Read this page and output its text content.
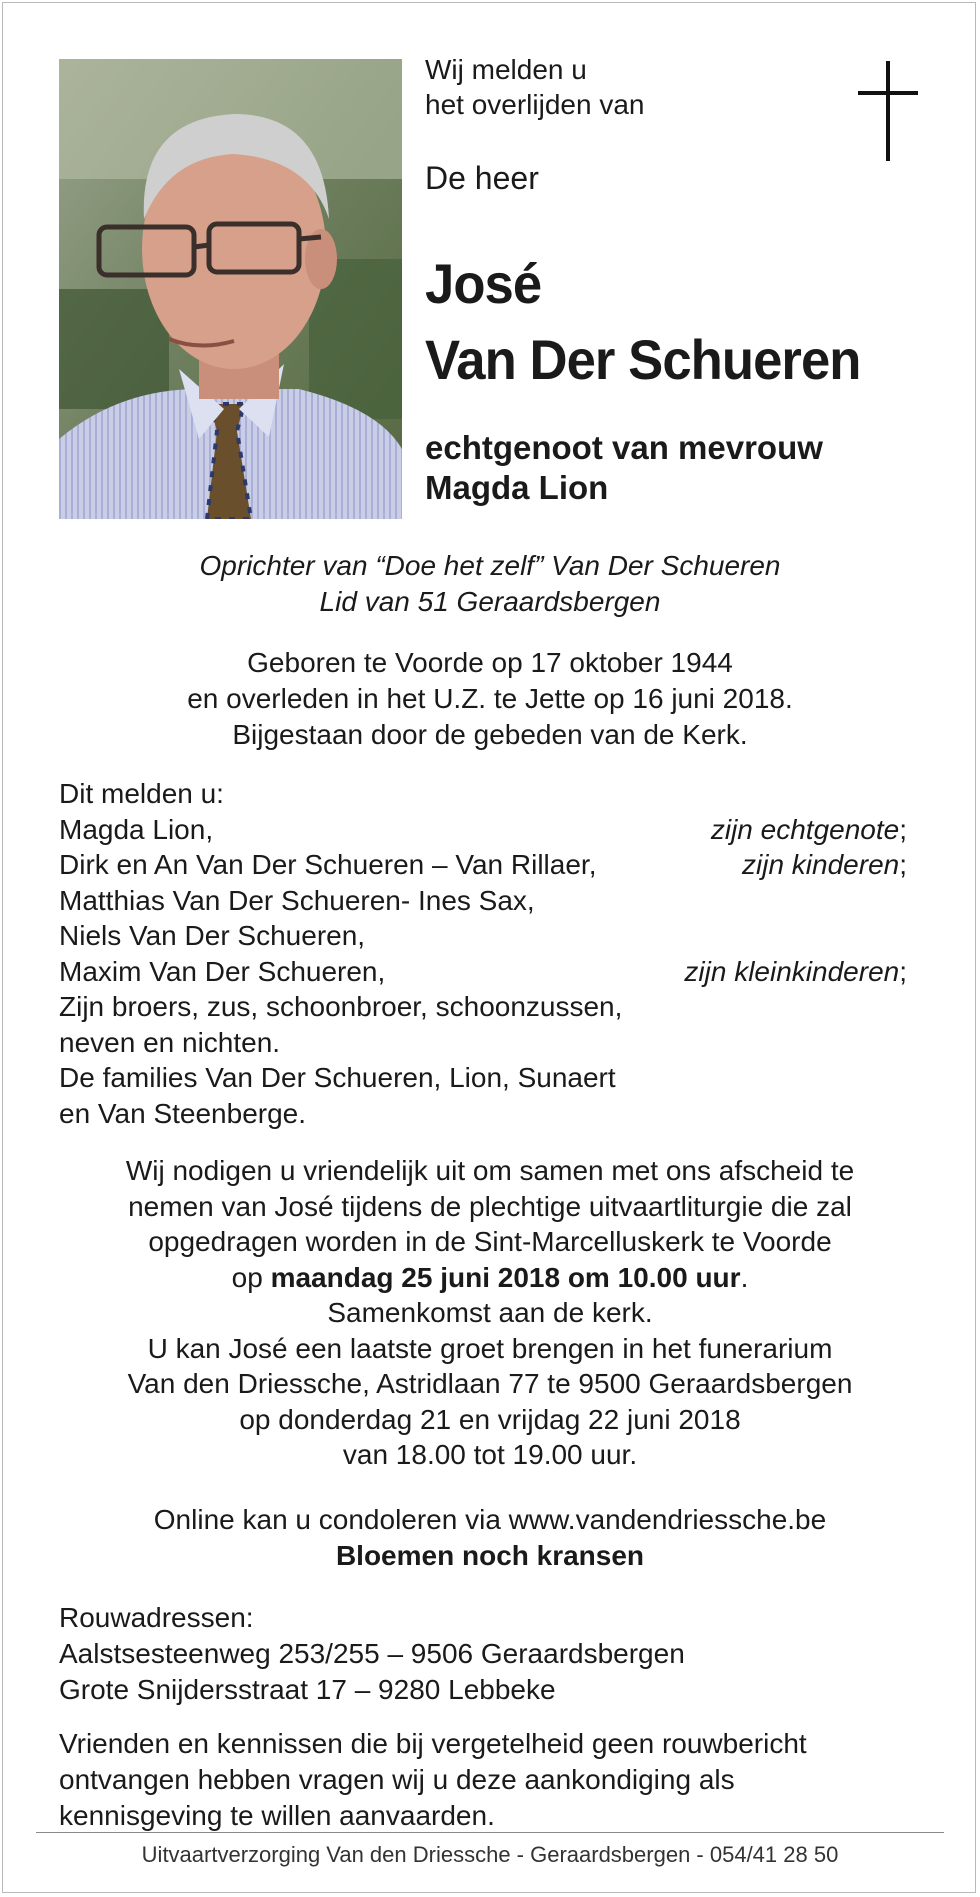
Wij melden u
het overlijden van
De heer
José
Van Der Schueren
echtgenoot van mevrouw
Magda Lion
Oprichter van “Doe het zelf” Van Der Schueren
Lid van 51 Geraardsbergen
Geboren te Voorde op 17 oktober 1944
en overleden in het U.Z. te Jette op 16 juni 2018.
Bijgestaan door de gebeden van de Kerk.
Dit melden u:
Magda Lion,	zijn echtgenote;
Dirk en An Van Der Schueren – Van Rillaer,	zijn kinderen;
Matthias Van Der Schueren- Ines Sax,
Niels Van Der Schueren,
Maxim Van Der Schueren,	zijn kleinkinderen;
Zijn broers, zus, schoonbroer, schoonzussen,
neven en nichten.
De families Van Der Schueren, Lion, Sunaert
en Van Steenberge.
Wij nodigen u vriendelijk uit om samen met ons afscheid te
nemen van José tijdens de plechtige uitvaartliturgie die zal
opgedragen worden in de Sint-Marcelluskerk te Voorde
op maandag 25 juni 2018 om 10.00 uur.
Samenkomst aan de kerk.
U kan José een laatste groet brengen in het funerarium
Van den Driessche, Astridlaan 77 te 9500 Geraardsbergen
op donderdag 21 en vrijdag 22 juni 2018
van 18.00 tot 19.00 uur.
Online kan u condoleren via www.vandendriessche.be
Bloemen noch kransen
Rouwadressen:
Aalstsesteenweg 253/255 – 9506 Geraardsbergen
Grote Snijdersstraat 17 – 9280 Lebbeke
Vrienden en kennissen die bij vergetelheid geen rouwbericht
ontvangen hebben vragen wij u deze aankondiging als
kennisgeving te willen aanvaarden.
Uitvaartverzorging Van den Driessche - Geraardsbergen - 054/41 28 50
